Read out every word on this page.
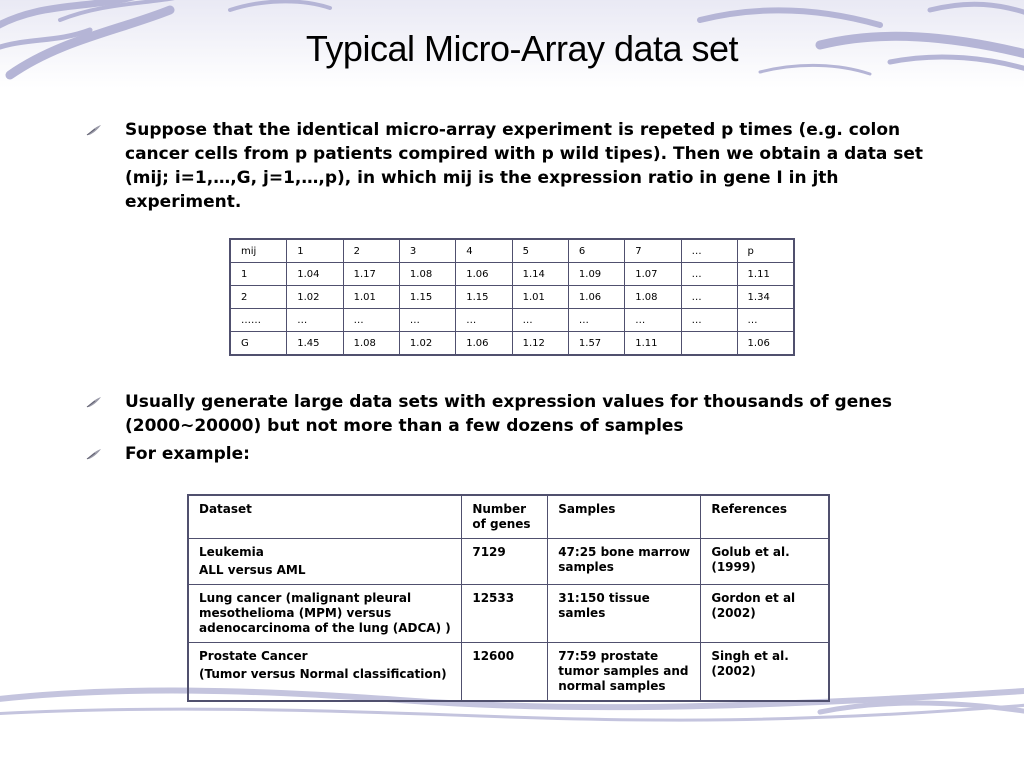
Typical Micro-Array data set
Suppose that the identical micro-array experiment is repeted p times (e.g. colon cancer cells from p patients compired with p wild tipes). Then we obtain a data set (mij; i=1,…,G, j=1,…,p), in which mij is the expression ratio in gene I in jth experiment.
mij	1	2	3	4	5	6	7	…	p
1	1.04	1.17	1.08	1.06	1.14	1.09	1.07	…	1.11
2	1.02	1.01	1.15	1.15	1.01	1.06	1.08	…	1.34
……	…	…	…	…	…	…	…	…	…
G	1.45	1.08	1.02	1.06	1.12	1.57	1.11		1.06
Usually generate large data sets with expression values for thousands of genes (2000~20000) but not more than a few dozens of samples
For example:
Dataset	Number of genes	Samples	References
Leukemia
ALL versus AML	7129	47:25 bone marrow samples	Golub et al. (1999)
Lung cancer (malignant pleural mesothelioma (MPM) versus adenocarcinoma of the lung (ADCA) )	12533	31:150 tissue samles	Gordon et al (2002)
Prostate Cancer
(Tumor versus Normal classification)	12600	77:59 prostate tumor samples and normal samples	Singh et al. (2002)
